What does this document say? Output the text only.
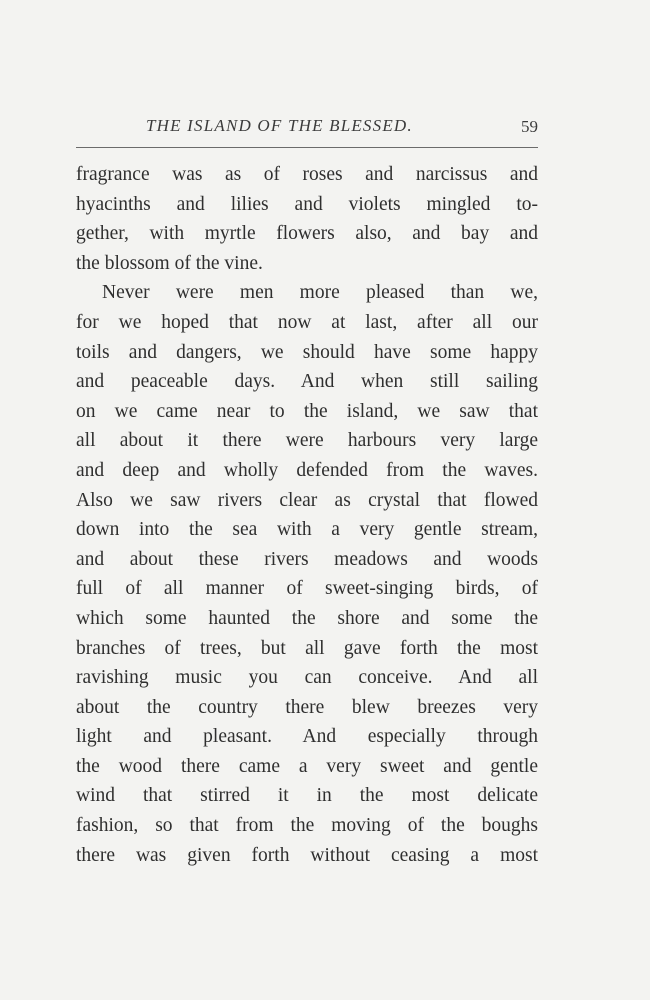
THE ISLAND OF THE BLESSED.	59
fragrance was as of roses and narcissus and
hyacinths and lilies and violets mingled to-
gether, with myrtle flowers also, and bay and
the blossom of the vine.
Never were men more pleased than we,
for we hoped that now at last, after all our
toils and dangers, we should have some happy
and peaceable days. And when still sailing
on we came near to the island, we saw that
all about it there were harbours very large
and deep and wholly defended from the waves.
Also we saw rivers clear as crystal that flowed
down into the sea with a very gentle stream,
and about these rivers meadows and woods
full of all manner of sweet-singing birds, of
which some haunted the shore and some the
branches of trees, but all gave forth the most
ravishing music you can conceive. And all
about the country there blew breezes very
light and pleasant. And especially through
the wood there came a very sweet and gentle
wind that stirred it in the most delicate
fashion, so that from the moving of the boughs
there was given forth without ceasing a most
